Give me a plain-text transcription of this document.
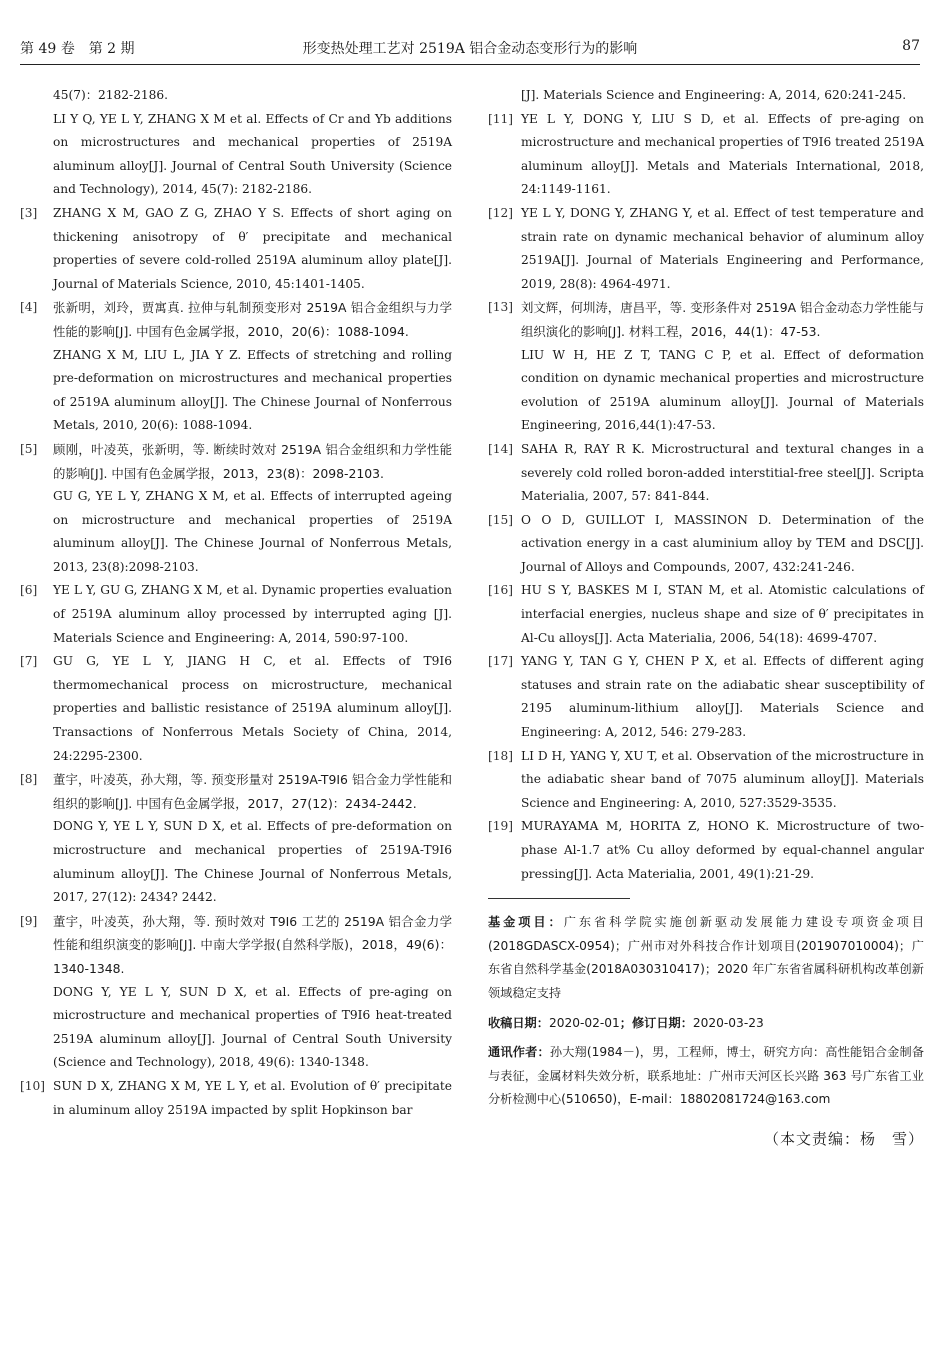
第 49 卷　第 2 期	形变热处理工艺对 2519A 铝合金动态变形行为的影响	87
45(7)：2182-2186.
LI Y Q, YE L Y, ZHANG X M et al. Effects of Cr and Yb additions on microstructures and mechanical properties of 2519A aluminum alloy[J]. Journal of Central South University (Science and Technology), 2014, 45(7): 2182-2186.
[3]	ZHANG X M, GAO Z G, ZHAO Y S. Effects of short aging on thickening anisotropy of θ′ precipitate and mechanical properties of severe cold-rolled 2519A aluminum alloy plate[J]. Journal of Materials Science, 2010, 45:1401-1405.
[4]	张新明，刘玲，贾寓真. 拉伸与轧制预变形对 2519A 铝合金组织与力学性能的影响[J]. 中国有色金属学报，2010，20(6)：1088-1094.
ZHANG X M, LIU L, JIA Y Z. Effects of stretching and rolling pre-deformation on microstructures and mechanical properties of 2519A aluminum alloy[J]. The Chinese Journal of Nonferrous Metals, 2010, 20(6): 1088-1094.
[5]	顾刚，叶凌英，张新明，等. 断续时效对 2519A 铝合金组织和力学性能的影响[J]. 中国有色金属学报，2013，23(8)：2098-2103.
GU G, YE L Y, ZHANG X M, et al. Effects of interrupted ageing on microstructure and mechanical properties of 2519A aluminum alloy[J]. The Chinese Journal of Nonferrous Metals, 2013, 23(8):2098-2103.
[6]	YE L Y, GU G, ZHANG X M, et al. Dynamic properties evaluation of 2519A aluminum alloy processed by interrupted aging [J]. Materials Science and Engineering: A, 2014, 590:97-100.
[7]	GU G, YE L Y, JIANG H C, et al. Effects of T9I6 thermomechanical process on microstructure, mechanical properties and ballistic resistance of 2519A aluminum alloy[J]. Transactions of Nonferrous Metals Society of China, 2014, 24:2295-2300.
[8]	董宇，叶凌英，孙大翔，等. 预变形量对 2519A-T9I6 铝合金力学性能和组织的影响[J]. 中国有色金属学报，2017，27(12)：2434-2442.
DONG Y, YE L Y, SUN D X, et al. Effects of pre-deformation on microstructure and mechanical properties of 2519A-T9I6 aluminum alloy[J]. The Chinese Journal of Nonferrous Metals, 2017, 27(12): 2434? 2442.
[9]	董宇，叶凌英，孙大翔，等. 预时效对 T9I6 工艺的 2519A 铝合金力学性能和组织演变的影响[J]. 中南大学学报(自然科学版)，2018，49(6)：1340-1348.
DONG Y, YE L Y, SUN D X, et al. Effects of pre-aging on microstructure and mechanical properties of T9I6 heat-treated 2519A aluminum alloy[J]. Journal of Central South University (Science and Technology), 2018, 49(6): 1340-1348.
[10] SUN D X, ZHANG X M, YE L Y, et al. Evolution of θ′ precipitate in aluminum alloy 2519A impacted by split Hopkinson bar
[J]. Materials Science and Engineering: A, 2014, 620:241-245.
[11] YE L Y, DONG Y, LIU S D, et al. Effects of pre-aging on microstructure and mechanical properties of T9I6 treated 2519A aluminum alloy[J]. Metals and Materials International, 2018, 24:1149-1161.
[12] YE L Y, DONG Y, ZHANG Y, et al. Effect of test temperature and strain rate on dynamic mechanical behavior of aluminum alloy 2519A[J]. Journal of Materials Engineering and Performance, 2019, 28(8): 4964-4971.
[13] 刘文辉，何圳涛，唐昌平，等. 变形条件对 2519A 铝合金动态力学性能与组织演化的影响[J]. 材料工程，2016，44(1)：47-53.
LIU W H, HE Z T, TANG C P, et al. Effect of deformation condition on dynamic mechanical properties and microstructure evolution of 2519A aluminum alloy[J]. Journal of Materials Engineering, 2016,44(1):47-53.
[14] SAHA R, RAY R K. Microstructural and textural changes in a severely cold rolled boron-added interstitial-free steel[J]. Scripta Materialia, 2007, 57: 841-844.
[15] O O D, GUILLOT I, MASSINON D. Determination of the activation energy in a cast aluminium alloy by TEM and DSC[J]. Journal of Alloys and Compounds, 2007, 432:241-246.
[16] HU S Y, BASKES M I, STAN M, et al. Atomistic calculations of interfacial energies, nucleus shape and size of θ′ precipitates in Al-Cu alloys[J]. Acta Materialia, 2006, 54(18): 4699-4707.
[17] YANG Y, TAN G Y, CHEN P X, et al. Effects of different aging statuses and strain rate on the adiabatic shear susceptibility of 2195 aluminum-lithium alloy[J]. Materials Science and Engineering: A, 2012, 546: 279-283.
[18] LI D H, YANG Y, XU T, et al. Observation of the microstructure in the adiabatic shear band of 7075 aluminum alloy[J]. Materials Science and Engineering: A, 2010, 527:3529-3535.
[19] MURAYAMA M, HORITA Z, HONO K. Microstructure of two-phase Al-1.7 at% Cu alloy deformed by equal-channel angular pressing[J]. Acta Materialia, 2001, 49(1):21-29.
基金项目：广东省科学院实施创新驱动发展能力建设专项资金项目(2018GDASCX-0954)；广州市对外科技合作计划项目(201907010004)；广东省自然科学基金(2018A030310417)；2020 年广东省省属科研机构改革创新领域稳定支持
收稿日期：2020-02-01；修订日期：2020-03-23
通讯作者：孙大翔(1984－)，男，工程师，博士，研究方向：高性能铝合金制备与表征，金属材料失效分析，联系地址：广州市天河区长兴路 363 号广东省工业分析检测中心(510650)，E-mail：18802081724@163.com
（本文责编：杨　雪）
